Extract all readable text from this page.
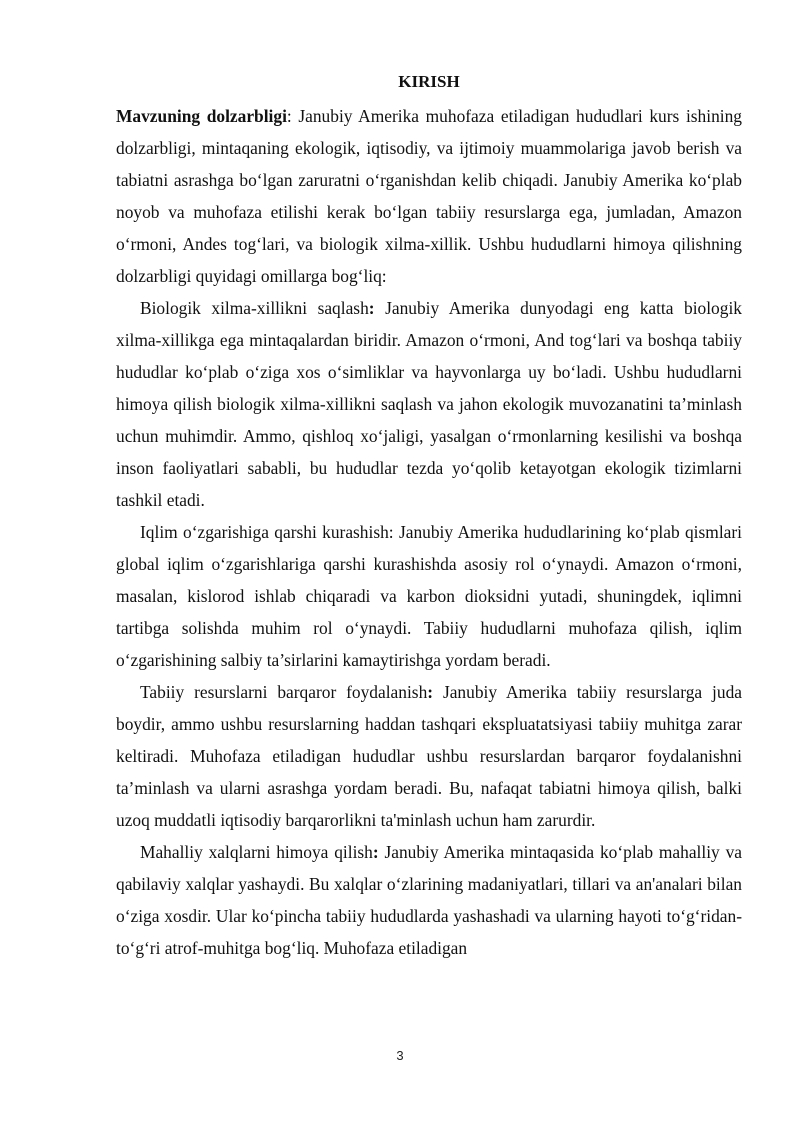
KIRISH

Mavzuning dolzarbligi: Janubiy Amerika muhofaza etiladigan hududlari kurs ishining dolzarbligi, mintaqaning ekologik, iqtisodiy, va ijtimoiy muammolariga javob berish va tabiatni asrashga bo‘lgan zaruratni o‘rganishdan kelib chiqadi. Janubiy Amerika ko‘plab noyob va muhofaza etilishi kerak bo‘lgan tabiiy resurslarga ega, jumladan, Amazon o‘rmoni, Andes tog‘lari, va biologik xilma-xillik. Ushbu hududlarni himoya qilishning dolzarbligi quyidagi omillarga bog‘liq:

Biologik xilma-xillikni saqlash: Janubiy Amerika dunyodagi eng katta biologik xilma-xillikga ega mintaqalardan biridir. Amazon o‘rmoni, And tog‘lari va boshqa tabiiy hududlar ko‘plab o‘ziga xos o‘simliklar va hayvonlarga uy bo‘ladi. Ushbu hududlarni himoya qilish biologik xilma-xillikni saqlash va jahon ekologik muvozanatini ta’minlash uchun muhimdir. Ammo, qishloq xo‘jaligi, yasalgan o‘rmonlarning kesilishi va boshqa inson faoliyatlari sababli, bu hududlar tezda yo‘qolib ketayotgan ekologik tizimlarni tashkil etadi.

Iqlim o‘zgarishiga qarshi kurashish: Janubiy Amerika hududlarining ko‘plab qismlari global iqlim o‘zgarishlariga qarshi kurashishda asosiy rol o‘ynaydi. Amazon o‘rmoni, masalan, kislorod ishlab chiqaradi va karbon dioksidni yutadi, shuningdek, iqlimni tartibga solishda muhim rol o‘ynaydi. Tabiiy hududlarni muhofaza qilish, iqlim o‘zgarishining salbiy ta’sirlarini kamaytirishga yordam beradi.

Tabiiy resurslarni barqaror foydalanish: Janubiy Amerika tabiiy resurslarga juda boydir, ammo ushbu resurslarning haddan tashqari ekspluatatsiyasi tabiiy muhitga zarar keltiradi. Muhofaza etiladigan hududlar ushbu resurslardan barqaror foydalanishni ta’minlash va ularni asrashga yordam beradi. Bu, nafaqat tabiatni himoya qilish, balki uzoq muddatli iqtisodiy barqarorlikni ta'minlash uchun ham zarurdir.

Mahalliy xalqlarni himoya qilish: Janubiy Amerika mintaqasida ko‘plab mahalliy va qabilaviy xalqlar yashaydi. Bu xalqlar o‘zlarining madaniyatlari, tillari va an'analari bilan o‘ziga xosdir. Ular ko‘pincha tabiiy hududlarda yashashadi va ularning hayoti to‘g‘ridan-to‘g‘ri atrof-muhitga bog‘liq. Muhofaza etiladigan

3
